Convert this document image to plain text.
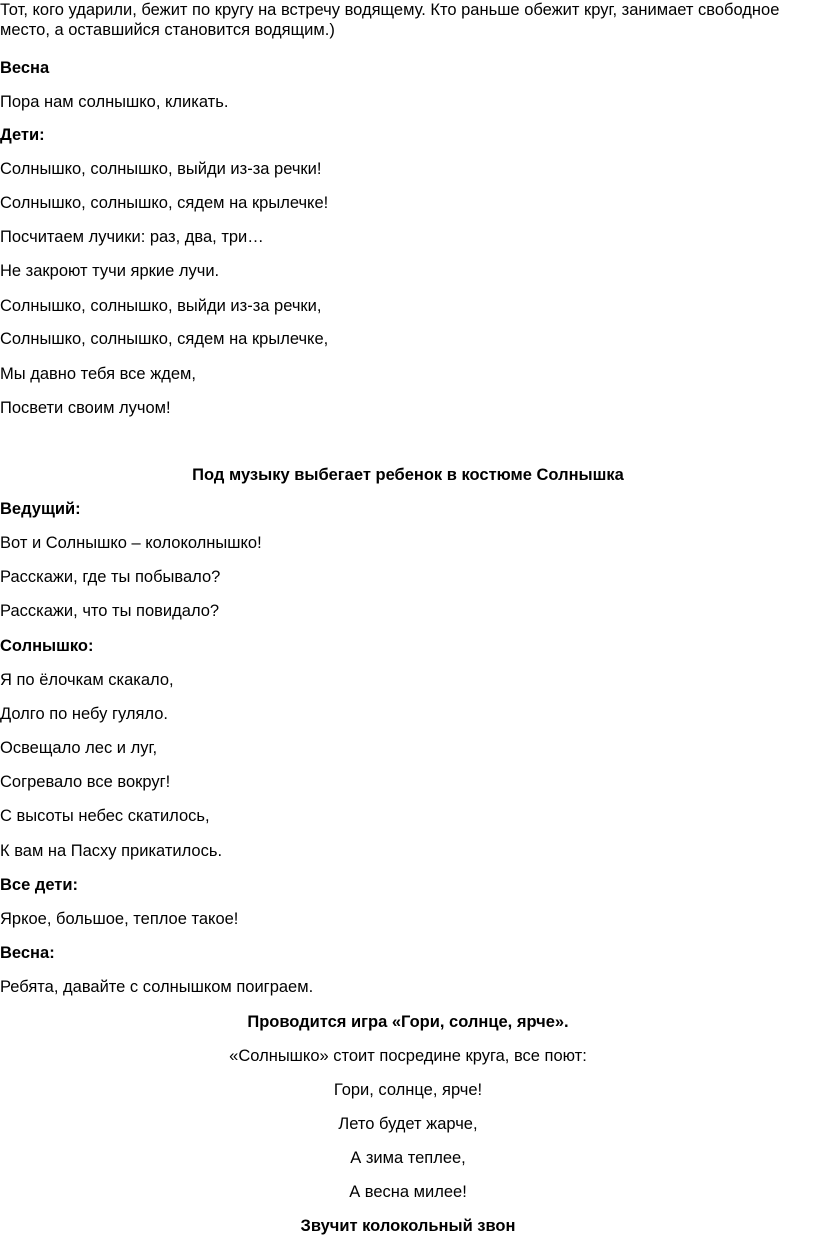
Тот, кого ударили, бежит по кругу на встречу водящему. Кто раньше обежит круг, занимает свободное место, а оставшийся становится водящим.)
Весна
Пора нам солнышко, кликать.
Дети:
Солнышко, солнышко, выйди из-за речки!
Солнышко, солнышко, сядем на крылечке!
Посчитаем лучики: раз, два, три…
Не закроют тучи яркие лучи.
Солнышко, солнышко, выйди из-за речки,
Солнышко, солнышко, сядем на крылечке,
Мы давно тебя все ждем,
Посвети своим лучом!
Под музыку выбегает ребенок в костюме Солнышка
Ведущий:
Вот и Солнышко – колоколнышко!
Расскажи, где ты побывало?
Расскажи, что ты повидало?
Солнышко:
Я по ёлочкам скакало,
Долго по небу гуляло.
Освещало лес и луг,
Согревало все вокруг!
С высоты небес скатилось,
К вам на Пасху прикатилось.
Все дети:
Яркое, большое, теплое такое!
Весна:
Ребята, давайте с солнышком поиграем.
Проводится игра «Гори, солнце, ярче».
«Солнышко» стоит посредине круга, все поют:
Гори, солнце, ярче!
Лето будет жарче,
А зима теплее,
А весна милее!
Звучит колокольный звон
